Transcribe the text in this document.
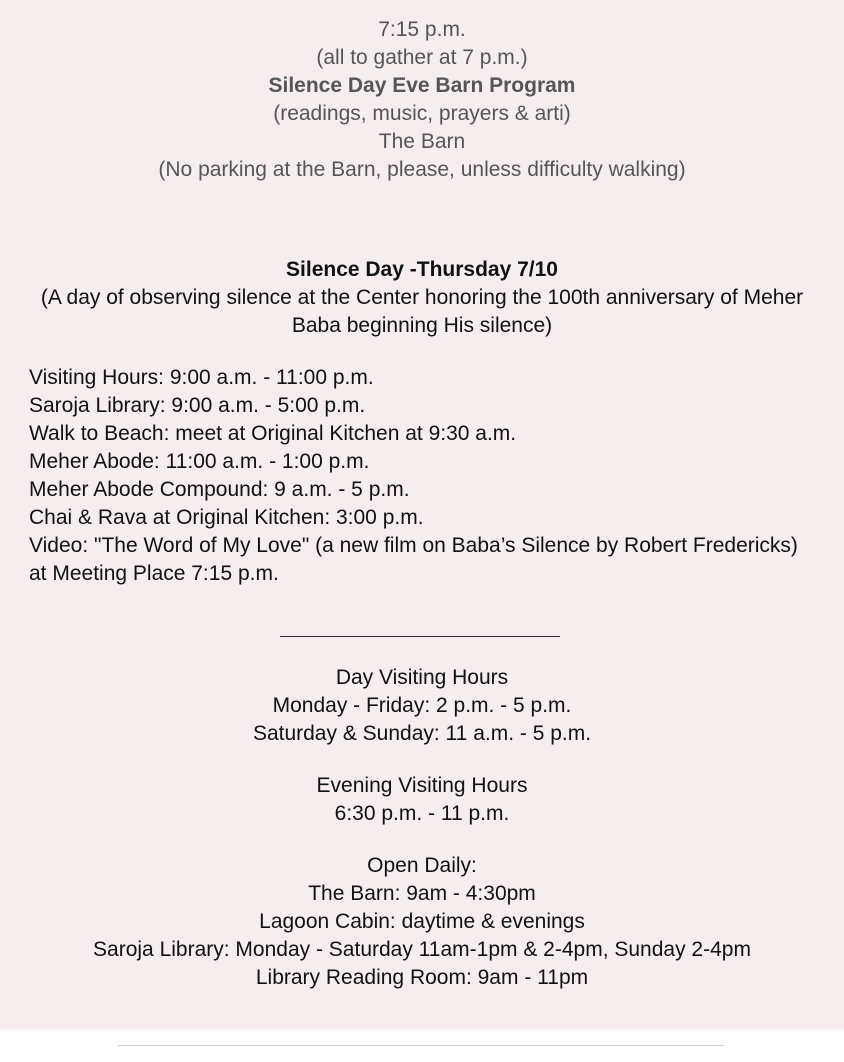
7:15 p.m.

(all to gather at 7 p.m.)

Silence Day Eve Barn Program

(readings, music, prayers & arti)

The Barn

(No parking at the Barn, please, unless difficulty walking)

Silence Day -Thursday 7/10

(A day of observing silence at the Center honoring the 100th anniversary of Meher Baba beginning His silence)

Visiting Hours: 9:00 a.m. - 11:00 p.m.

Saroja Library: 9:00 a.m. - 5:00 p.m.

Walk to Beach: meet at Original Kitchen at 9:30 a.m.

Meher Abode: 11:00 a.m. - 1:00 p.m.

Meher Abode Compound: 9 a.m. - 5 p.m.

Chai & Rava at Original Kitchen: 3:00 p.m.

Video: "The Word of My Love" (a new film on Baba’s Silence by Robert Fredericks) at Meeting Place 7:15 p.m.

Day Visiting Hours

Monday - Friday: 2 p.m. - 5 p.m.

Saturday & Sunday: 11 a.m. - 5 p.m.

Evening Visiting Hours

6:30 p.m. - 11 p.m.

Open Daily:

The Barn: 9am - 4:30pm

Lagoon Cabin: daytime & evenings

Saroja Library: Monday - Saturday 11am-1pm & 2-4pm, Sunday 2-4pm

Library Reading Room: 9am - 11pm
